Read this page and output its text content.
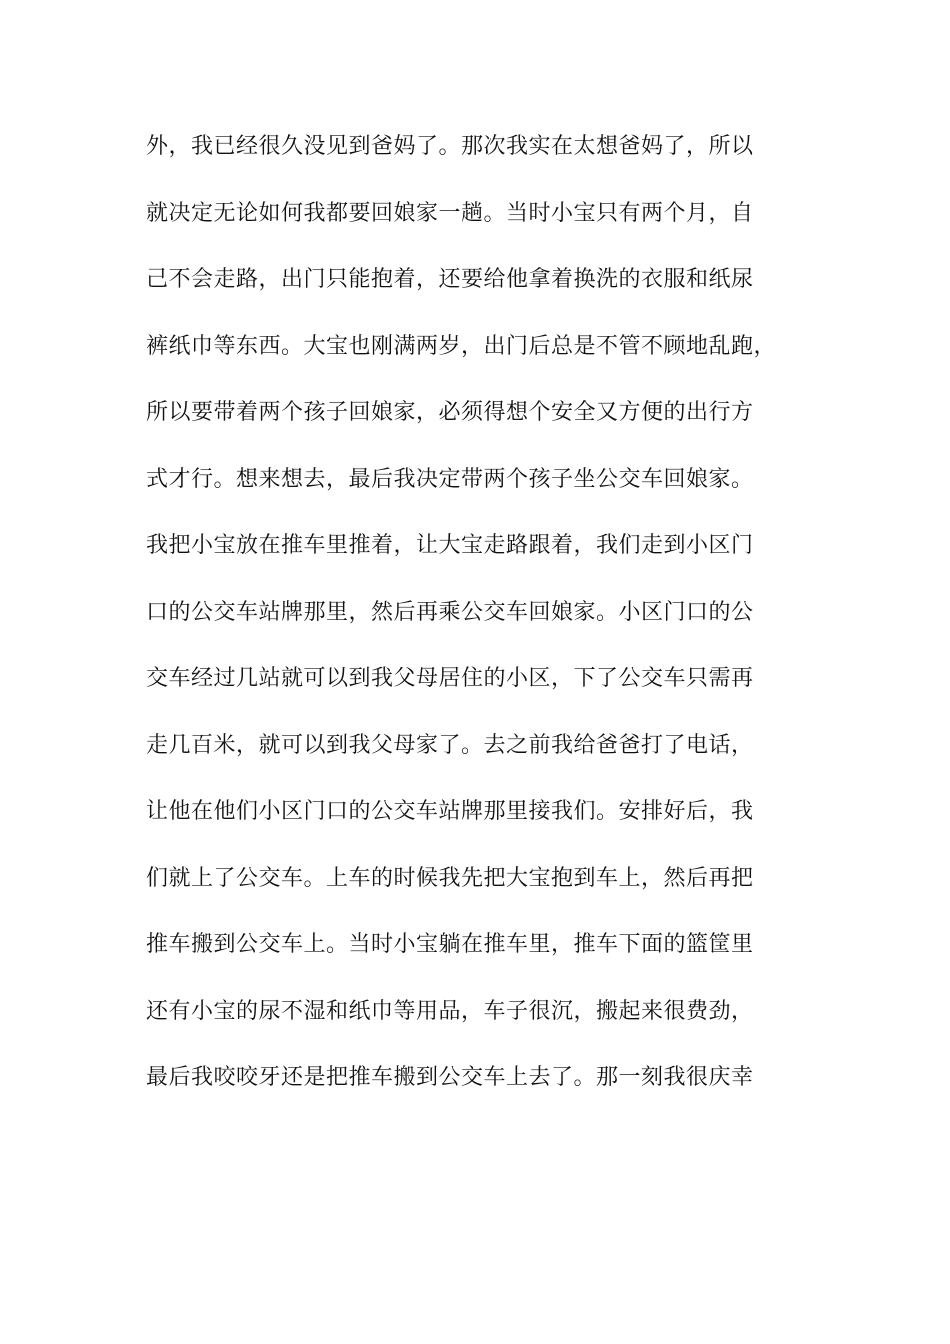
外，我已经很久没见到爸妈了。那次我实在太想爸妈了，所以
就决定无论如何我都要回娘家一趟。当时小宝只有两个月，自
己不会走路，出门只能抱着，还要给他拿着换洗的衣服和纸尿
裤纸巾等东西。大宝也刚满两岁，出门后总是不管不顾地乱跑，
所以要带着两个孩子回娘家，必须得想个安全又方便的出行方
式才行。想来想去，最后我决定带两个孩子坐公交车回娘家。
我把小宝放在推车里推着，让大宝走路跟着，我们走到小区门
口的公交车站牌那里，然后再乘公交车回娘家。小区门口的公
交车经过几站就可以到我父母居住的小区，下了公交车只需再
走几百米，就可以到我父母家了。去之前我给爸爸打了电话，
让他在他们小区门口的公交车站牌那里接我们。安排好后，我
们就上了公交车。上车的时候我先把大宝抱到车上，然后再把
推车搬到公交车上。当时小宝躺在推车里，推车下面的篮筐里
还有小宝的尿不湿和纸巾等用品，车子很沉，搬起来很费劲，
最后我咬咬牙还是把推车搬到公交车上去了。那一刻我很庆幸
